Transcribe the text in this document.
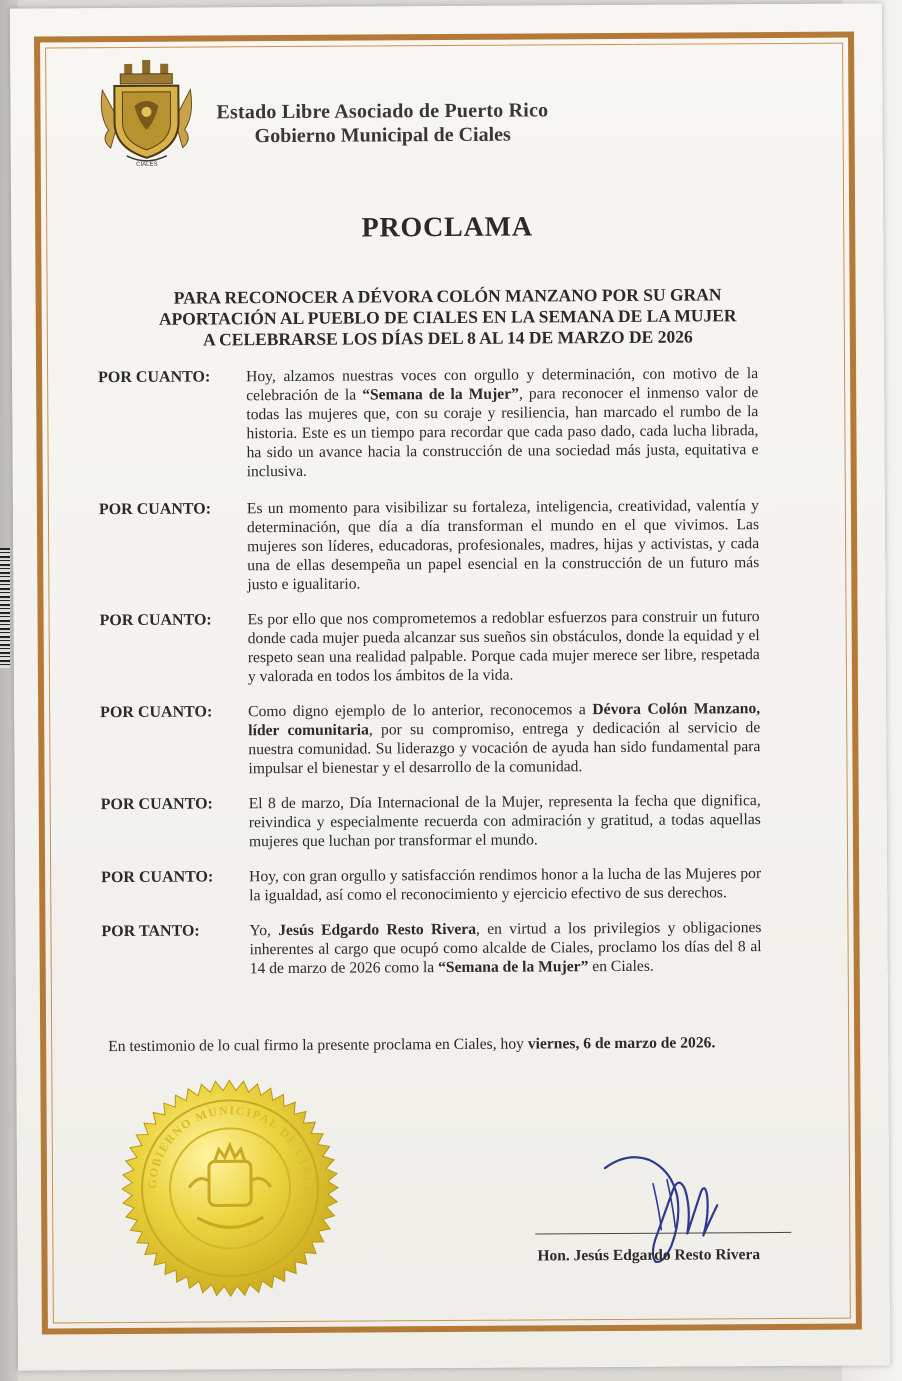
CIALES
Estado Libre Asociado de Puerto Rico
Gobierno Municipal de Ciales
PROCLAMA
PARA RECONOCER A DÉVORA COLÓN MANZANO POR SU GRAN
APORTACIÓN AL PUEBLO DE CIALES EN LA SEMANA DE LA MUJER
A CELEBRARSE LOS DÍAS DEL 8 AL 14 DE MARZO DE 2026
POR CUANTO:	Hoy, alzamos nuestras voces con orgullo y determinación, con motivo de la celebración de la “Semana de la Mujer”, para reconocer el inmenso valor de todas las mujeres que, con su coraje y resiliencia, han marcado el rumbo de la historia. Este es un tiempo para recordar que cada paso dado, cada lucha librada, ha sido un avance hacia la construcción de una sociedad más justa, equitativa e inclusiva.
POR CUANTO:	Es un momento para visibilizar su fortaleza, inteligencia, creatividad, valentía y determinación, que día a día transforman el mundo en el que vivimos. Las mujeres son líderes, educadoras, profesionales, madres, hijas y activistas, y cada una de ellas desempeña un papel esencial en la construcción de un futuro más justo e igualitario.
POR CUANTO:	Es por ello que nos comprometemos a redoblar esfuerzos para construir un futuro donde cada mujer pueda alcanzar sus sueños sin obstáculos, donde la equidad y el respeto sean una realidad palpable. Porque cada mujer merece ser libre, respetada y valorada en todos los ámbitos de la vida.
POR CUANTO:	Como digno ejemplo de lo anterior, reconocemos a Dévora Colón Manzano, líder comunitaria, por su compromiso, entrega y dedicación al servicio de nuestra comunidad. Su liderazgo y vocación de ayuda han sido fundamental para impulsar el bienestar y el desarrollo de la comunidad.
POR CUANTO:	El 8 de marzo, Día Internacional de la Mujer, representa la fecha que dignifica, reivindica y especialmente recuerda con admiración y gratitud, a todas aquellas mujeres que luchan por transformar el mundo.
POR CUANTO:	Hoy, con gran orgullo y satisfacción rendimos honor a la lucha de las Mujeres por la igualdad, así como el reconocimiento y ejercicio efectivo de sus derechos.
POR TANTO:	Yo, Jesús Edgardo Resto Rivera, en virtud a los privilegios y obligaciones inherentes al cargo que ocupó como alcalde de Ciales, proclamo los días del 8 al 14 de marzo de 2026 como la “Semana de la Mujer” en Ciales.
En testimonio de lo cual firmo la presente proclama en Ciales, hoy viernes, 6 de marzo de 2026.
GOBIERNO MUNICIPAL DE CIALES P.R. •
Hon. Jesús Edgardo Resto Rivera
